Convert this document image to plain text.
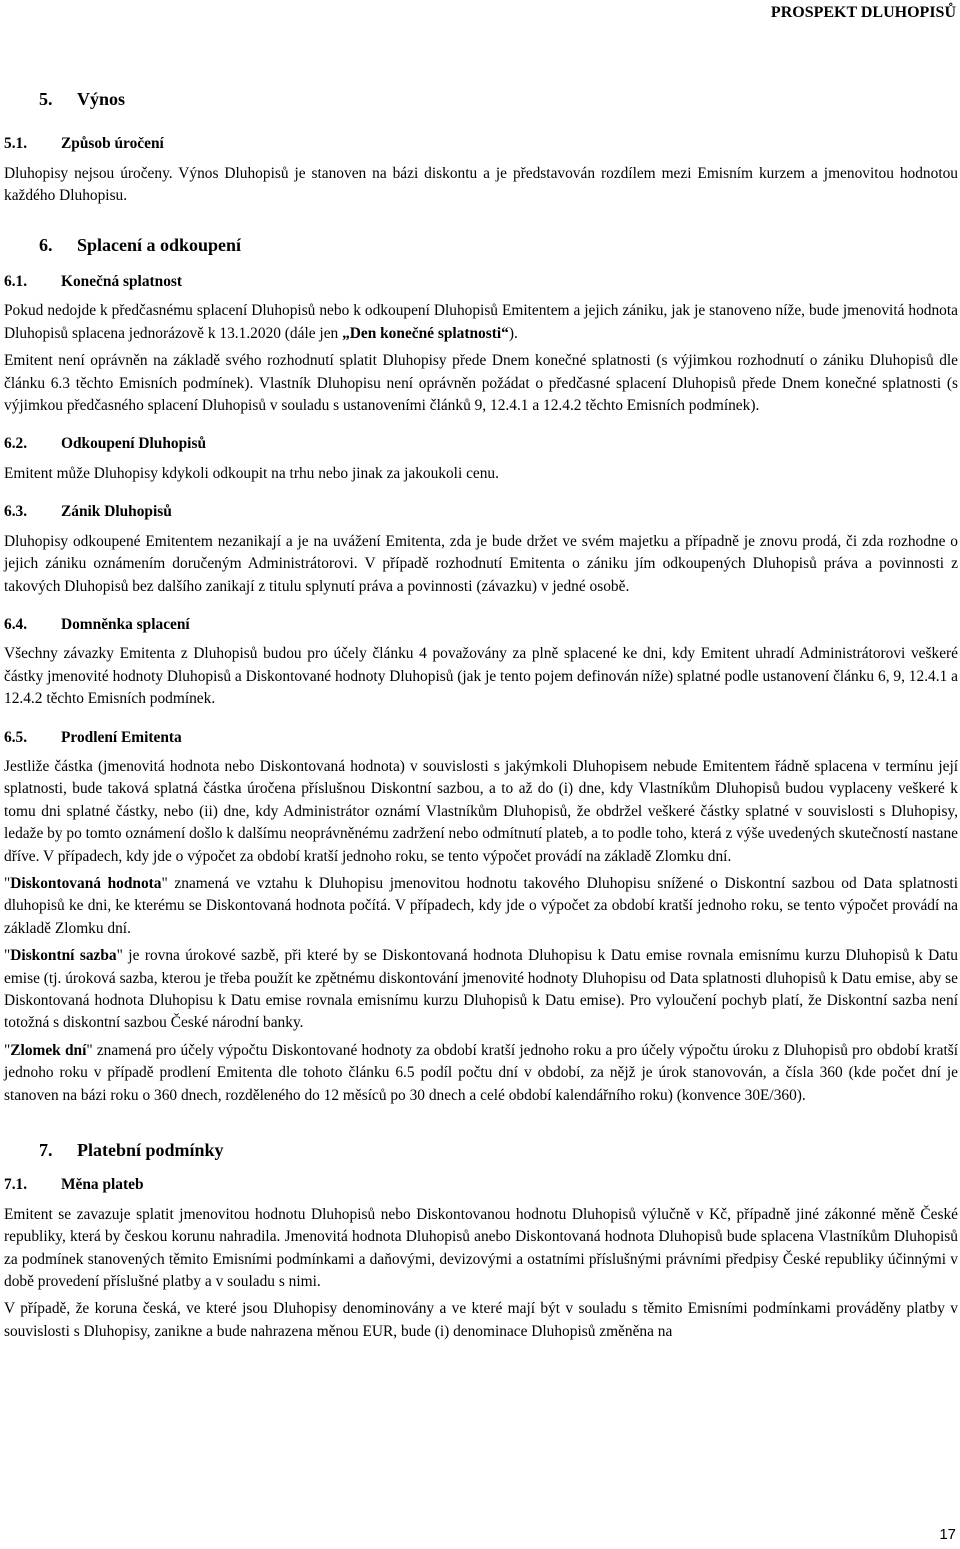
PROSPEKT DLUHOPISŮ
5. Výnos
5.1. Způsob úročení

Dluhopisy nejsou úročeny. Výnos Dluhopisů je stanoven na bázi diskontu a je představován rozdílem mezi Emisním kurzem a jmenovitou hodnotou každého Dluhopisu.

6. Splacení a odkoupení
6.1. Konečná splatnost

Pokud nedojde k předčasnému splacení Dluhopisů nebo k odkoupení Dluhopisů Emitentem a jejich zániku, jak je stanoveno níže, bude jmenovitá hodnota Dluhopisů splacena jednorázově k 13.1.2020 (dále jen „Den konečné splatnosti“).

Emitent není oprávněn na základě svého rozhodnutí splatit Dluhopisy přede Dnem konečné splatnosti (s výjimkou rozhodnutí o zániku Dluhopisů dle článku 6.3 těchto Emisních podmínek). Vlastník Dluhopisu není oprávněn požádat o předčasné splacení Dluhopisů přede Dnem konečné splatnosti (s výjimkou předčasného splacení Dluhopisů v souladu s ustanoveními článků 9, 12.4.1 a 12.4.2 těchto Emisních podmínek).

6.2. Odkoupení Dluhopisů

Emitent může Dluhopisy kdykoli odkoupit na trhu nebo jinak za jakoukoli cenu.

6.3. Zánik Dluhopisů

Dluhopisy odkoupené Emitentem nezanikají a je na uvážení Emitenta, zda je bude držet ve svém majetku a případně je znovu prodá, či zda rozhodne o jejich zániku oznámením doručeným Administrátorovi. V případě rozhodnutí Emitenta o zániku jím odkoupených Dluhopisů práva a povinnosti z takových Dluhopisů bez dalšího zanikají z titulu splynutí práva a povinnosti (závazku) v jedné osobě.

6.4. Domněnka splacení

Všechny závazky Emitenta z Dluhopisů budou pro účely článku 4 považovány za plně splacené ke dni, kdy Emitent uhradí Administrátorovi veškeré částky jmenovité hodnoty Dluhopisů a Diskontované hodnoty Dluhopisů (jak je tento pojem definován níže) splatné podle ustanovení článku 6, 9, 12.4.1 a 12.4.2 těchto Emisních podmínek.

6.5. Prodlení Emitenta

Jestliže částka (jmenovitá hodnota nebo Diskontovaná hodnota) v souvislosti s jakýmkoli Dluhopisem nebude Emitentem řádně splacena v termínu její splatnosti, bude taková splatná částka úročena příslušnou Diskontní sazbou, a to až do (i) dne, kdy Vlastníkům Dluhopisů budou vyplaceny veškeré k tomu dni splatné částky, nebo (ii) dne, kdy Administrátor oznámí Vlastníkům Dluhopisů, že obdržel veškeré částky splatné v souvislosti s Dluhopisy, ledaže by po tomto oznámení došlo k dalšímu neoprávněnému zadržení nebo odmítnutí plateb, a to podle toho, která z výše uvedených skutečností nastane dříve. V případech, kdy jde o výpočet za období kratší jednoho roku, se tento výpočet provádí na základě Zlomku dní.

"Diskontovaná hodnota" znamená ve vztahu k Dluhopisu jmenovitou hodnotu takového Dluhopisu snížené o Diskontní sazbou od Data splatnosti dluhopisů ke dni, ke kterému se Diskontovaná hodnota počítá. V případech, kdy jde o výpočet za období kratší jednoho roku, se tento výpočet provádí na základě Zlomku dní.

"Diskontní sazba" je rovna úrokové sazbě, při které by se Diskontovaná hodnota Dluhopisu k Datu emise rovnala emisnímu kurzu Dluhopisů k Datu emise (tj. úroková sazba, kterou je třeba použít ke zpětnému diskontování jmenovité hodnoty Dluhopisu od Data splatnosti dluhopisů k Datu emise, aby se Diskontovaná hodnota Dluhopisu k Datu emise rovnala emisnímu kurzu Dluhopisů k Datu emise). Pro vyloučení pochyb platí, že Diskontní sazba není totožná s diskontní sazbou České národní banky.

"Zlomek dní" znamená pro účely výpočtu Diskontované hodnoty za období kratší jednoho roku a pro účely výpočtu úroku z Dluhopisů pro období kratší jednoho roku v případě prodlení Emitenta dle tohoto článku 6.5 podíl počtu dní v období, za nějž je úrok stanovován, a čísla 360 (kde počet dní je stanoven na bázi roku o 360 dnech, rozděleného do 12 měsíců po 30 dnech a celé období kalendářního roku) (konvence 30E/360).

7. Platební podmínky
7.1. Měna plateb

Emitent se zavazuje splatit jmenovitou hodnotu Dluhopisů nebo Diskontovanou hodnotu Dluhopisů výlučně v Kč, případně jiné zákonné měně České republiky, která by českou korunu nahradila. Jmenovitá hodnota Dluhopisů anebo Diskontovaná hodnota Dluhopisů bude splacena Vlastníkům Dluhopisů za podmínek stanovených těmito Emisními podmínkami a daňovými, devizovými a ostatními příslušnými právními předpisy České republiky účinnými v době provedení příslušné platby a v souladu s nimi.

V případě, že koruna česká, ve které jsou Dluhopisy denominovány a ve které mají být v souladu s těmito Emisními podmínkami prováděny platby v souvislosti s Dluhopisy, zanikne a bude nahrazena měnou EUR, bude (i) denominace Dluhopisů změněna na

17
